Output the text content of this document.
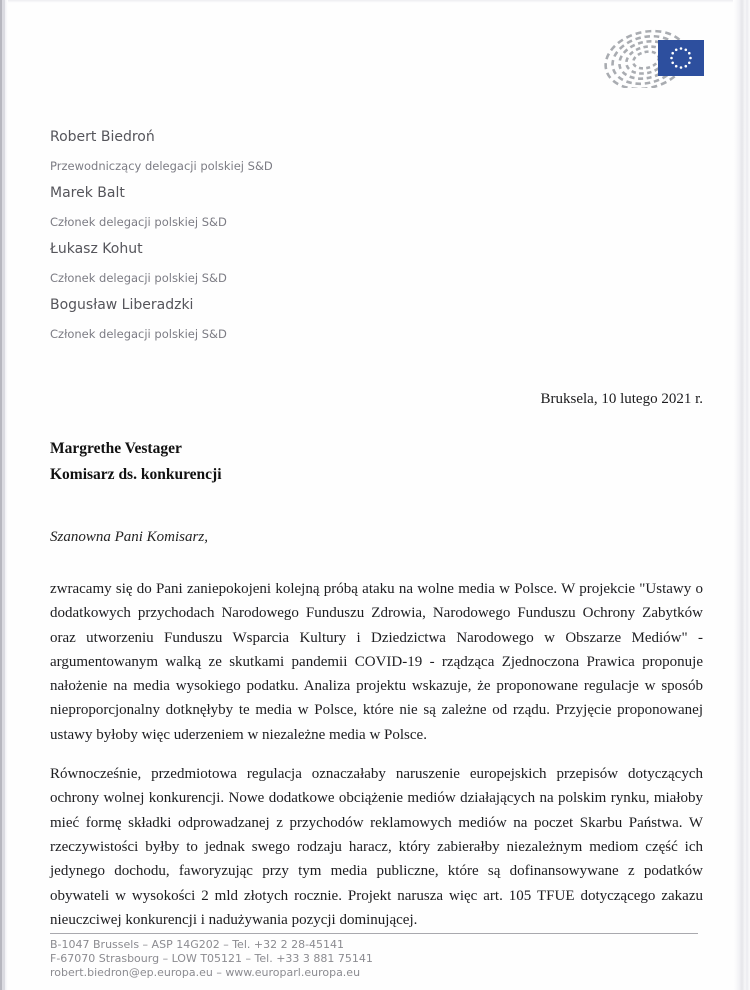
Robert Biedroń

Przewodniczący delegacji polskiej S&D

Marek Balt

Członek delegacji polskiej S&D

Łukasz Kohut

Członek delegacji polskiej S&D

Bogusław Liberadzki

Członek delegacji polskiej S&D

Bruksela, 10 lutego 2021 r.
Margrethe Vestager
Komisarz ds. konkurencji
Szanowna Pani Komisarz,

zwracamy się do Pani zaniepokojeni kolejną próbą ataku na wolne media w Polsce. W projekcie "Ustawy o dodatkowych przychodach Narodowego Funduszu Zdrowia, Narodowego Funduszu Ochrony Zabytków oraz utworzeniu Funduszu Wsparcia Kultury i Dziedzictwa Narodowego w Obszarze Mediów" - argumentowanym walką ze skutkami pandemii COVID-19 - rządząca Zjednoczona Prawica proponuje nałożenie na media wysokiego podatku. Analiza projektu wskazuje, że proponowane regulacje w sposób nieproporcjonalny dotknęłyby te media w Polsce, które nie są zależne od rządu. Przyjęcie proponowanej ustawy byłoby więc uderzeniem w niezależne media w Polsce.

Równocześnie, przedmiotowa regulacja oznaczałaby naruszenie europejskich przepisów dotyczących ochrony wolnej konkurencji. Nowe dodatkowe obciążenie mediów działających na polskim rynku, miałoby mieć formę składki odprowadzanej z przychodów reklamowych mediów na poczet Skarbu Państwa. W rzeczywistości byłby to jednak swego rodzaju haracz, który zabierałby niezależnym mediom część ich jedynego dochodu, faworyzując przy tym media publiczne, które są dofinansowywane z podatków obywateli w wysokości 2 mld złotych rocznie. Projekt narusza więc art. 105 TFUE dotyczącego zakazu nieuczciwej konkurencji i nadużywania pozycji dominującej.

B-1047 Brussels – ASP 14G202 – Tel. +32 2 28-45141
F-67070 Strasbourg – LOW T05121 – Tel. +33 3 881 75141
robert.biedron@ep.europa.eu – www.europarl.europa.eu
